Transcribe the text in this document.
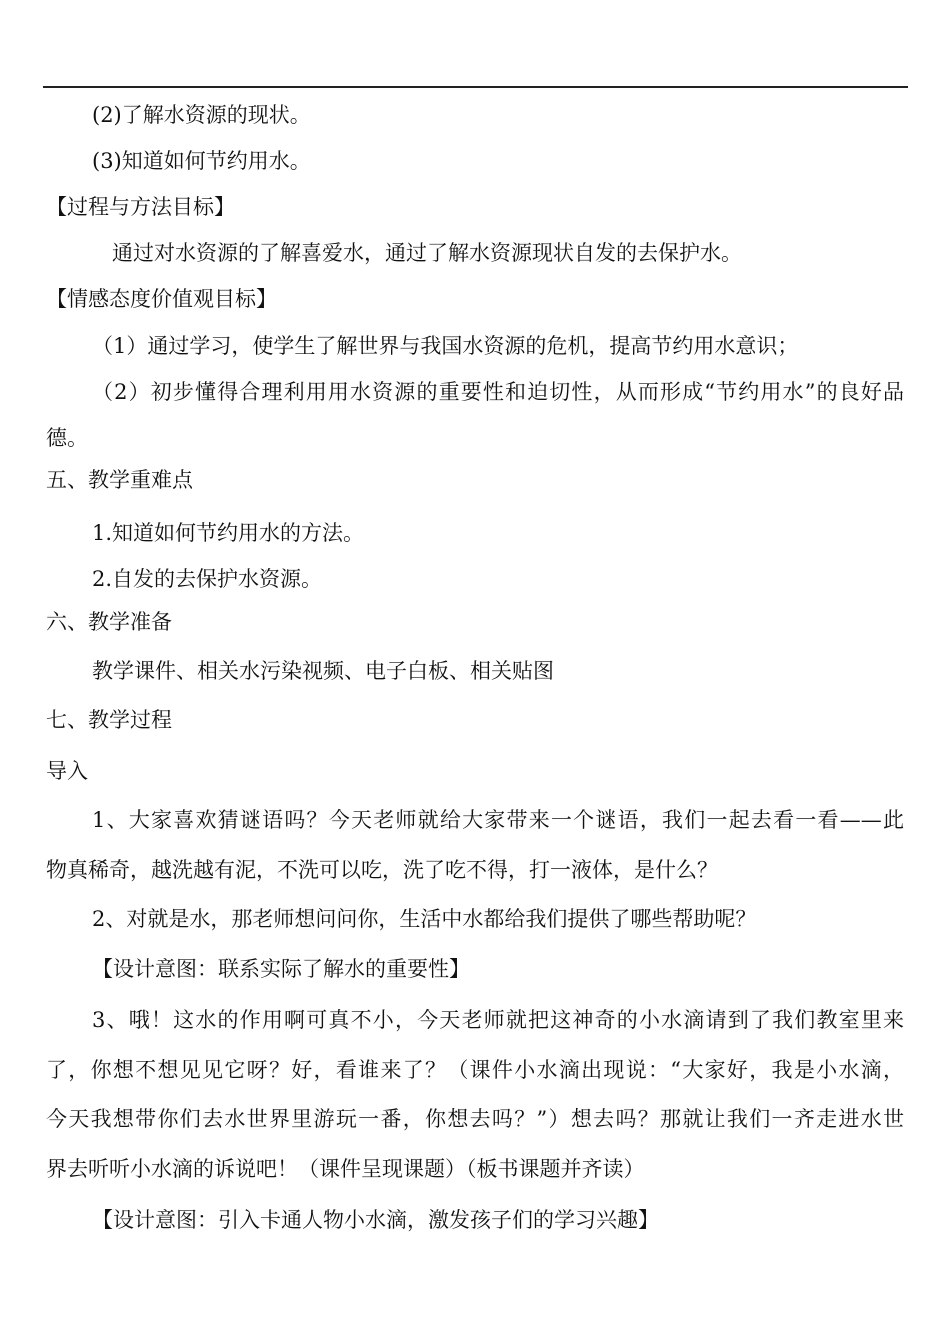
(2)了解水资源的现状。

(3)知道如何节约用水。

【过程与方法目标】

通过对水资源的了解喜爱水，通过了解水资源现状自发的去保护水。

【情感态度价值观目标】

（1）通过学习，使学生了解世界与我国水资源的危机，提高节约用水意识；

（2）初步懂得合理利用用水资源的重要性和迫切性，从而形成“节约用水”的良好品

德。

五、教学重难点

1.知道如何节约用水的方法。

2.自发的去保护水资源。

六、教学准备

教学课件、相关水污染视频、电子白板、相关贴图

七、教学过程

导入

1、大家喜欢猜谜语吗？今天老师就给大家带来一个谜语，我们一起去看一看——此

物真稀奇，越洗越有泥，不洗可以吃，洗了吃不得，打一液体，是什么？

2、对就是水，那老师想问问你，生活中水都给我们提供了哪些帮助呢？

【设计意图：联系实际了解水的重要性】

3、哦！这水的作用啊可真不小，今天老师就把这神奇的小水滴请到了我们教室里来

了，你想不想见见它呀？好，看谁来了？（课件小水滴出现说：“大家好，我是小水滴，

今天我想带你们去水世界里游玩一番，你想去吗？”）想去吗？那就让我们一齐走进水世

界去听听小水滴的诉说吧！（课件呈现课题）（板书课题并齐读）

【设计意图：引入卡通人物小水滴，激发孩子们的学习兴趣】
